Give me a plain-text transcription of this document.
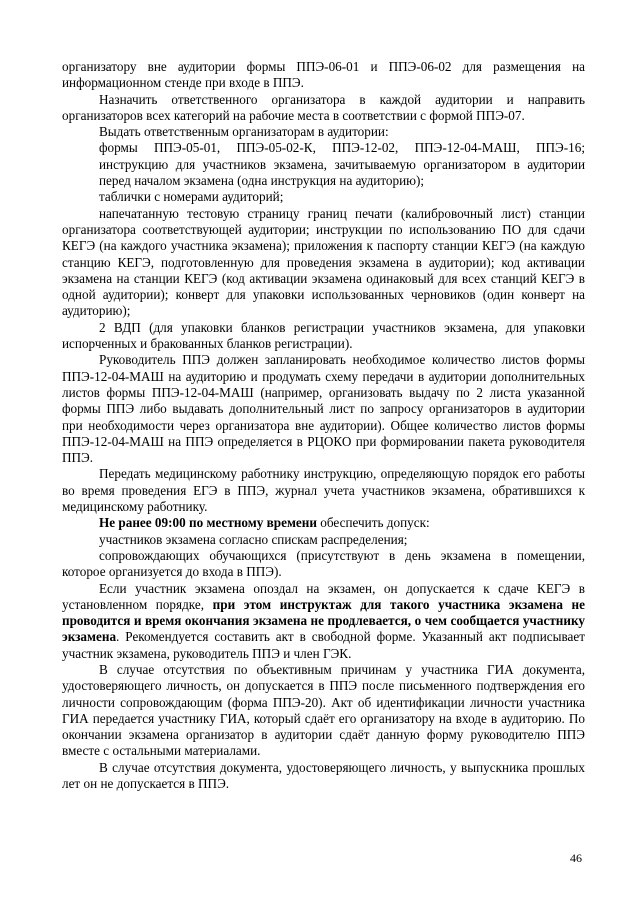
организатору вне аудитории формы ППЭ-06-01 и ППЭ-06-02 для размещения на информационном стенде при входе в ППЭ.

Назначить ответственного организатора в каждой аудитории и направить организаторов всех категорий на рабочие места в соответствии с формой ППЭ-07.

Выдать ответственным организаторам в аудитории:

формы ППЭ-05-01, ППЭ-05-02-К, ППЭ-12-02, ППЭ-12-04-МАШ, ППЭ-16; инструкцию для участников экзамена, зачитываемую организатором в аудитории перед началом экзамена (одна инструкция на аудиторию);

таблички с номерами аудиторий;

напечатанную тестовую страницу границ печати (калибровочный лист) станции организатора соответствующей аудитории; инструкции по использованию ПО для сдачи КЕГЭ (на каждого участника экзамена); приложения к паспорту станции КЕГЭ (на каждую станцию КЕГЭ, подготовленную для проведения экзамена в аудитории); код активации экзамена на станции КЕГЭ (код активации экзамена одинаковый для всех станций КЕГЭ в одной аудитории); конверт для упаковки использованных черновиков (один конверт на аудиторию);

2 ВДП (для упаковки бланков регистрации участников экзамена, для упаковки испорченных и бракованных бланков регистрации).

Руководитель ППЭ должен запланировать необходимое количество листов формы ППЭ-12-04-МАШ на аудиторию и продумать схему передачи в аудитории дополнительных листов формы ППЭ-12-04-МАШ (например, организовать выдачу по 2 листа указанной формы ППЭ либо выдавать дополнительный лист по запросу организаторов в аудитории при необходимости через организатора вне аудитории). Общее количество листов формы ППЭ-12-04-МАШ на ППЭ определяется в РЦОКО при формировании пакета руководителя ППЭ.

Передать медицинскому работнику инструкцию, определяющую порядок его работы во время проведения ЕГЭ в ППЭ, журнал учета участников экзамена, обратившихся к медицинскому работнику.

Не ранее 09:00 по местному времени обеспечить допуск:

участников экзамена согласно спискам распределения;

сопровождающих обучающихся (присутствуют в день экзамена в помещении, которое организуется до входа в ППЭ).

Если участник экзамена опоздал на экзамен, он допускается к сдаче КЕГЭ в установленном порядке, при этом инструктаж для такого участника экзамена не проводится и время окончания экзамена не продлевается, о чем сообщается участнику экзамена. Рекомендуется составить акт в свободной форме. Указанный акт подписывает участник экзамена, руководитель ППЭ и член ГЭК.

В случае отсутствия по объективным причинам у участника ГИА документа, удостоверяющего личность, он допускается в ППЭ после письменного подтверждения его личности сопровождающим (форма ППЭ-20). Акт об идентификации личности участника ГИА передается участнику ГИА, который сдаёт его организатору на входе в аудиторию. По окончании экзамена организатор в аудитории сдаёт данную форму руководителю ППЭ вместе с остальными материалами.

В случае отсутствия документа, удостоверяющего личность, у выпускника прошлых лет он не допускается в ППЭ.

46
